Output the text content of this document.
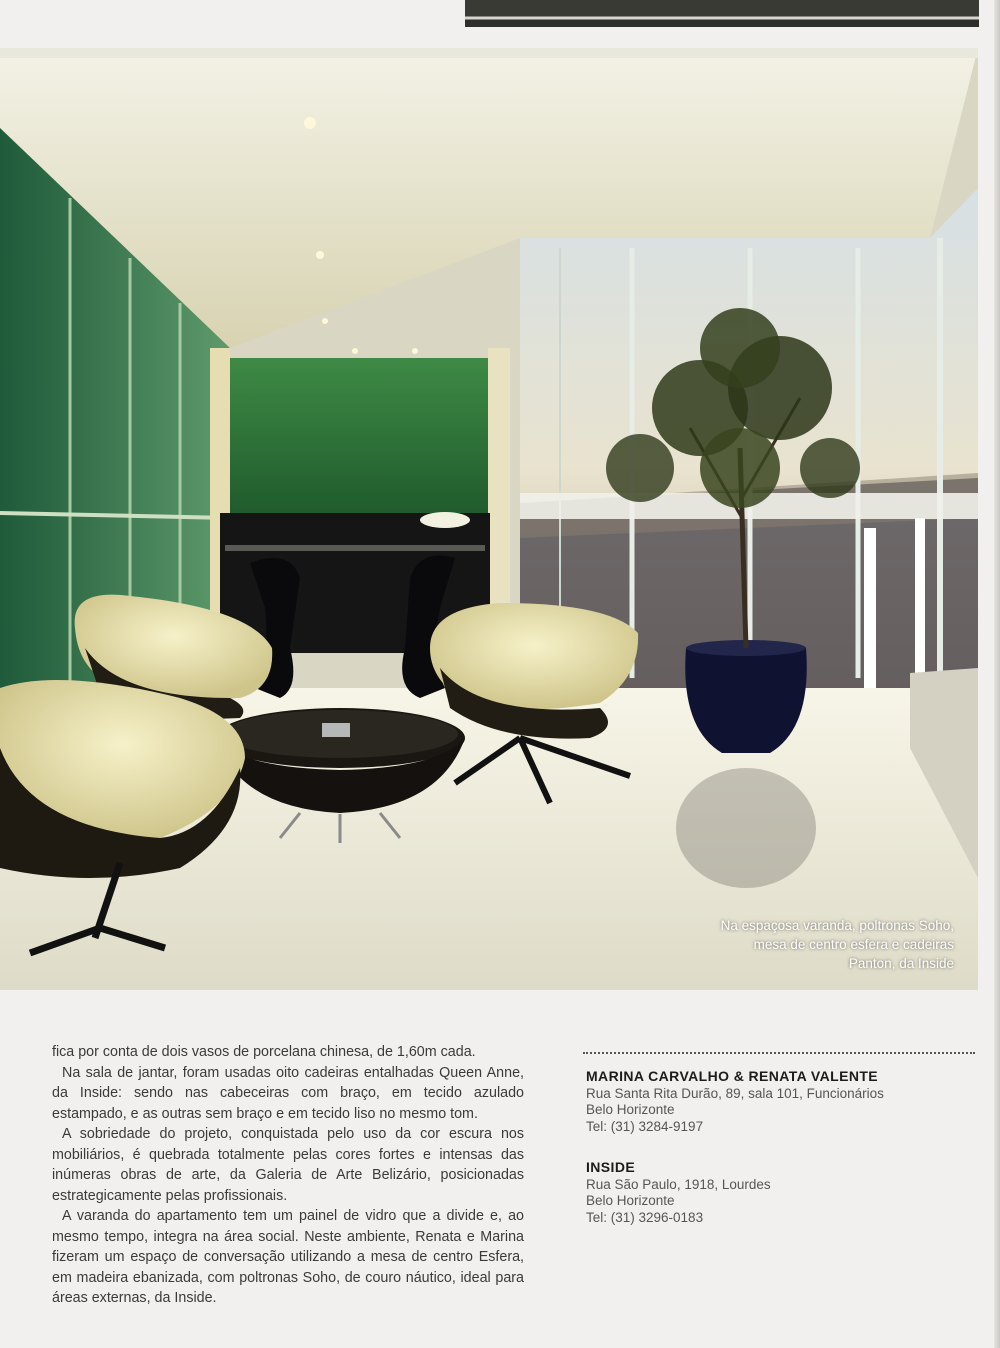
Na espaçosa varanda, poltronas Soho,
mesa de centro esfera e cadeiras
Panton, da Inside

fica por conta de dois vasos de porcelana chinesa, de 1,60m cada.

Na sala de jantar, foram usadas oito cadeiras entalhadas Queen Anne, da Inside: sendo nas cabeceiras com braço, em tecido azulado estampado, e as outras sem braço e em tecido liso no mesmo tom.

A sobriedade do projeto, conquistada pelo uso da cor escura nos mobiliários, é quebrada totalmente pelas cores fortes e intensas das inúmeras obras de arte, da Galeria de Arte Belizário, posicionadas estrategicamente pelas profissionais.

A varanda do apartamento tem um painel de vidro que a divide e, ao mesmo tempo, integra na área social. Neste ambiente, Renata e Marina fizeram um espaço de conversação utilizando a mesa de centro Esfera, em madeira ebanizada, com poltronas Soho, de couro náutico, ideal para áreas externas, da Inside.

MARINA CARVALHO & RENATA VALENTE
Rua Santa Rita Durão, 89, sala 101, Funcionários
Belo Horizonte
Tel: (31) 3284-9197
INSIDE
Rua São Paulo, 1918, Lourdes
Belo Horizonte
Tel: (31) 3296-0183
